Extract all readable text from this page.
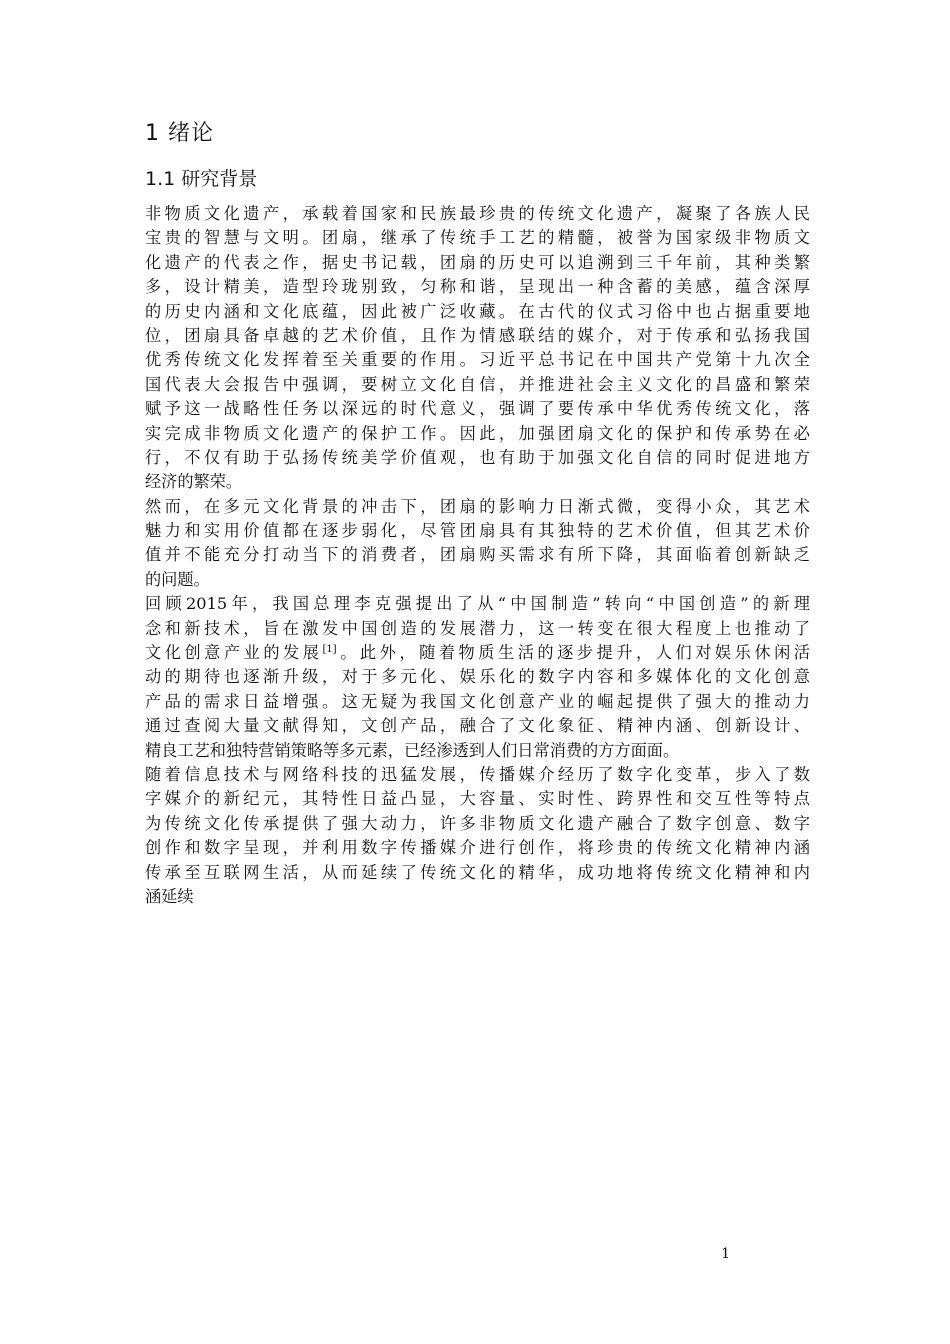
1 绪论
1.1 研究背景
非物质文化遗产，承载着国家和民族最珍贵的传统文化遗产，凝聚了各族人民
宝贵的智慧与文明。团扇，继承了传统手工艺的精髓，被誉为国家级非物质文
化遗产的代表之作，据史书记载，团扇的历史可以追溯到三千年前，其种类繁
多，设计精美，造型玲珑别致，匀称和谐，呈现出一种含蓄的美感，蕴含深厚
的历史内涵和文化底蕴，因此被广泛收藏。在古代的仪式习俗中也占据重要地
位，团扇具备卓越的艺术价值，且作为情感联结的媒介，对于传承和弘扬我国
优秀传统文化发挥着至关重要的作用。习近平总书记在中国共产党第十九次全
国代表大会报告中强调，要树立文化自信，并推进社会主义文化的昌盛和繁荣
赋予这一战略性任务以深远的时代意义，强调了要传承中华优秀传统文化，落
实完成非物质文化遗产的保护工作。因此，加强团扇文化的保护和传承势在必
行，不仅有助于弘扬传统美学价值观，也有助于加强文化自信的同时促进地方
经济的繁荣。
然而，在多元文化背景的冲击下，团扇的影响力日渐式微，变得小众，其艺术
魅力和实用价值都在逐步弱化，尽管团扇具有其独特的艺术价值，但其艺术价
值并不能充分打动当下的消费者，团扇购买需求有所下降，其面临着创新缺乏
的问题。
回顾2015年，我国总理李克强提出了从“中国制造”转向“中国创造”的新理
念和新技术，旨在激发中国创造的发展潜力，这一转变在很大程度上也推动了
文化创意产业的发展[1]。此外，随着物质生活的逐步提升，人们对娱乐休闲活
动的期待也逐渐升级，对于多元化、娱乐化的数字内容和多媒体化的文化创意
产品的需求日益增强。这无疑为我国文化创意产业的崛起提供了强大的推动力
通过查阅大量文献得知，文创产品，融合了文化象征、精神内涵、创新设计、
精良工艺和独特营销策略等多元素，已经渗透到人们日常消费的方方面面。
随着信息技术与网络科技的迅猛发展，传播媒介经历了数字化变革，步入了数
字媒介的新纪元，其特性日益凸显，大容量、实时性、跨界性和交互性等特点
为传统文化传承提供了强大动力，许多非物质文化遗产融合了数字创意、数字
创作和数字呈现，并利用数字传播媒介进行创作，将珍贵的传统文化精神内涵
传承至互联网生活，从而延续了传统文化的精华，成功地将传统文化精神和内
涵延续
1
